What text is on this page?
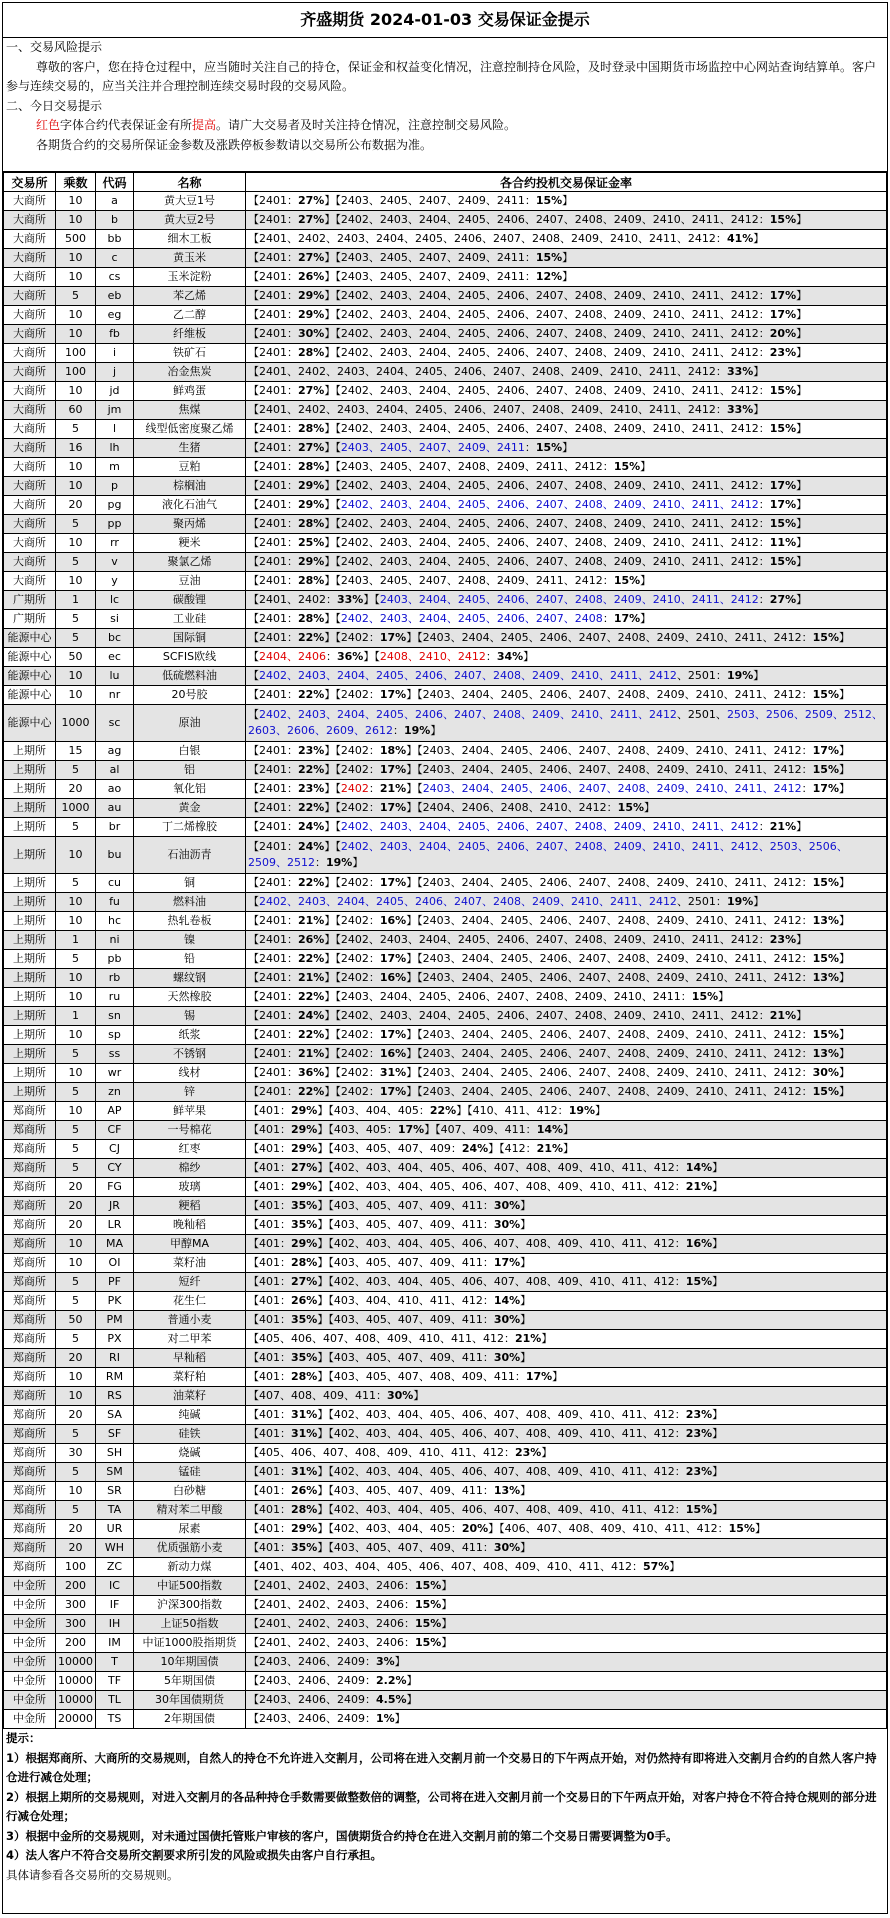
齐盛期货 2024-01-03 交易保证金提示
一、交易风险提示
尊敬的客户，您在持仓过程中，应当随时关注自己的持仓，保证金和权益变化情况，注意控制持仓风险，及时登录中国期货市场监控中心网站查询结算单。客户参与连续交易的，应当关注并合理控制连续交易时段的交易风险。
二、今日交易提示
红色字体合约代表保证金有所提高。请广大交易者及时关注持仓情况，注意控制交易风险。
各期货合约的交易所保证金参数及涨跌停板参数请以交易所公布数据为准。
交易所	乘数	代码	名称	各合约投机交易保证金率
大商所	10	a	黄大豆1号	【2401：27%】【2403、2405、2407、2409、2411：15%】
大商所	10	b	黄大豆2号	【2401：27%】【2402、2403、2404、2405、2406、2407、2408、2409、2410、2411、2412：15%】
大商所	500	bb	细木工板	【2401、2402、2403、2404、2405、2406、2407、2408、2409、2410、2411、2412：41%】
大商所	10	c	黄玉米	【2401：27%】【2403、2405、2407、2409、2411：15%】
大商所	10	cs	玉米淀粉	【2401：26%】【2403、2405、2407、2409、2411：12%】
大商所	5	eb	苯乙烯	【2401：29%】【2402、2403、2404、2405、2406、2407、2408、2409、2410、2411、2412：17%】
大商所	10	eg	乙二醇	【2401：29%】【2402、2403、2404、2405、2406、2407、2408、2409、2410、2411、2412：17%】
大商所	10	fb	纤维板	【2401：30%】【2402、2403、2404、2405、2406、2407、2408、2409、2410、2411、2412：20%】
大商所	100	i	铁矿石	【2401：28%】【2402、2403、2404、2405、2406、2407、2408、2409、2410、2411、2412：23%】
大商所	100	j	冶金焦炭	【2401、2402、2403、2404、2405、2406、2407、2408、2409、2410、2411、2412：33%】
大商所	10	jd	鲜鸡蛋	【2401：27%】【2402、2403、2404、2405、2406、2407、2408、2409、2410、2411、2412：15%】
大商所	60	jm	焦煤	【2401、2402、2403、2404、2405、2406、2407、2408、2409、2410、2411、2412：33%】
大商所	5	l	线型低密度聚乙烯	【2401：28%】【2402、2403、2404、2405、2406、2407、2408、2409、2410、2411、2412：15%】
大商所	16	lh	生猪	【2401：27%】【2403、2405、2407、2409、2411：15%】
大商所	10	m	豆粕	【2401：28%】【2403、2405、2407、2408、2409、2411、2412：15%】
大商所	10	p	棕榈油	【2401：29%】【2402、2403、2404、2405、2406、2407、2408、2409、2410、2411、2412：17%】
大商所	20	pg	液化石油气	【2401：29%】【2402、2403、2404、2405、2406、2407、2408、2409、2410、2411、2412：17%】
大商所	5	pp	聚丙烯	【2401：28%】【2402、2403、2404、2405、2406、2407、2408、2409、2410、2411、2412：15%】
大商所	10	rr	粳米	【2401：25%】【2402、2403、2404、2405、2406、2407、2408、2409、2410、2411、2412：11%】
大商所	5	v	聚氯乙烯	【2401：29%】【2402、2403、2404、2405、2406、2407、2408、2409、2410、2411、2412：15%】
大商所	10	y	豆油	【2401：28%】【2403、2405、2407、2408、2409、2411、2412：15%】
广期所	1	lc	碳酸锂	【2401、2402：33%】【2403、2404、2405、2406、2407、2408、2409、2410、2411、2412：27%】
广期所	5	si	工业硅	【2401：28%】【2402、2403、2404、2405、2406、2407、2408：17%】
能源中心	5	bc	国际铜	【2401：22%】【2402：17%】【2403、2404、2405、2406、2407、2408、2409、2410、2411、2412：15%】
能源中心	50	ec	SCFIS欧线	【2404、2406：36%】【2408、2410、2412：34%】
能源中心	10	lu	低硫燃料油	【2402、2403、2404、2405、2406、2407、2408、2409、2410、2411、2412、2501：19%】
能源中心	10	nr	20号胶	【2401：22%】【2402：17%】【2403、2404、2405、2406、2407、2408、2409、2410、2411、2412：15%】
能源中心	1000	sc	原油	【2402、2403、2404、2405、2406、2407、2408、2409、2410、2411、2412、2501、2503、2506、2509、2512、2603、2606、2609、2612：19%】
上期所	15	ag	白银	【2401：23%】【2402：18%】【2403、2404、2405、2406、2407、2408、2409、2410、2411、2412：17%】
上期所	5	al	铝	【2401：22%】【2402：17%】【2403、2404、2405、2406、2407、2408、2409、2410、2411、2412：15%】
上期所	20	ao	氧化铝	【2401：23%】【2402：21%】【2403、2404、2405、2406、2407、2408、2409、2410、2411、2412：17%】
上期所	1000	au	黄金	【2401：22%】【2402：17%】【2404、2406、2408、2410、2412：15%】
上期所	5	br	丁二烯橡胶	【2401：24%】【2402、2403、2404、2405、2406、2407、2408、2409、2410、2411、2412：21%】
上期所	10	bu	石油沥青	【2401：24%】【2402、2403、2404、2405、2406、2407、2408、2409、2410、2411、2412、2503、2506、2509、2512：19%】
上期所	5	cu	铜	【2401：22%】【2402：17%】【2403、2404、2405、2406、2407、2408、2409、2410、2411、2412：15%】
上期所	10	fu	燃料油	【2402、2403、2404、2405、2406、2407、2408、2409、2410、2411、2412、2501：19%】
上期所	10	hc	热轧卷板	【2401：21%】【2402：16%】【2403、2404、2405、2406、2407、2408、2409、2410、2411、2412：13%】
上期所	1	ni	镍	【2401：26%】【2402、2403、2404、2405、2406、2407、2408、2409、2410、2411、2412：23%】
上期所	5	pb	铅	【2401：22%】【2402：17%】【2403、2404、2405、2406、2407、2408、2409、2410、2411、2412：15%】
上期所	10	rb	螺纹钢	【2401：21%】【2402：16%】【2403、2404、2405、2406、2407、2408、2409、2410、2411、2412：13%】
上期所	10	ru	天然橡胶	【2401：22%】【2403、2404、2405、2406、2407、2408、2409、2410、2411：15%】
上期所	1	sn	锡	【2401：24%】【2402、2403、2404、2405、2406、2407、2408、2409、2410、2411、2412：21%】
上期所	10	sp	纸浆	【2401：22%】【2402：17%】【2403、2404、2405、2406、2407、2408、2409、2410、2411、2412：15%】
上期所	5	ss	不锈钢	【2401：21%】【2402：16%】【2403、2404、2405、2406、2407、2408、2409、2410、2411、2412：13%】
上期所	10	wr	线材	【2401：36%】【2402：31%】【2403、2404、2405、2406、2407、2408、2409、2410、2411、2412：30%】
上期所	5	zn	锌	【2401：22%】【2402：17%】【2403、2404、2405、2406、2407、2408、2409、2410、2411、2412：15%】
郑商所	10	AP	鲜苹果	【401：29%】【403、404、405：22%】【410、411、412：19%】
郑商所	5	CF	一号棉花	【401：29%】【403、405：17%】【407、409、411：14%】
郑商所	5	CJ	红枣	【401：29%】【403、405、407、409：24%】【412：21%】
郑商所	5	CY	棉纱	【401：27%】【402、403、404、405、406、407、408、409、410、411、412：14%】
郑商所	20	FG	玻璃	【401：29%】【402、403、404、405、406、407、408、409、410、411、412：21%】
郑商所	20	JR	粳稻	【401：35%】【403、405、407、409、411：30%】
郑商所	20	LR	晚籼稻	【401：35%】【403、405、407、409、411：30%】
郑商所	10	MA	甲醇MA	【401：29%】【402、403、404、405、406、407、408、409、410、411、412：16%】
郑商所	10	OI	菜籽油	【401：28%】【403、405、407、409、411：17%】
郑商所	5	PF	短纤	【401：27%】【402、403、404、405、406、407、408、409、410、411、412：15%】
郑商所	5	PK	花生仁	【401：26%】【403、404、410、411、412：14%】
郑商所	50	PM	普通小麦	【401：35%】【403、405、407、409、411：30%】
郑商所	5	PX	对二甲苯	【405、406、407、408、409、410、411、412：21%】
郑商所	20	RI	早籼稻	【401：35%】【403、405、407、409、411：30%】
郑商所	10	RM	菜籽粕	【401：28%】【403、405、407、408、409、411：17%】
郑商所	10	RS	油菜籽	【407、408、409、411：30%】
郑商所	20	SA	纯碱	【401：31%】【402、403、404、405、406、407、408、409、410、411、412：23%】
郑商所	5	SF	硅铁	【401：31%】【402、403、404、405、406、407、408、409、410、411、412：23%】
郑商所	30	SH	烧碱	【405、406、407、408、409、410、411、412：23%】
郑商所	5	SM	锰硅	【401：31%】【402、403、404、405、406、407、408、409、410、411、412：23%】
郑商所	10	SR	白砂糖	【401：26%】【403、405、407、409、411：13%】
郑商所	5	TA	精对苯二甲酸	【401：28%】【402、403、404、405、406、407、408、409、410、411、412：15%】
郑商所	20	UR	尿素	【401：29%】【402、403、404、405：20%】【406、407、408、409、410、411、412：15%】
郑商所	20	WH	优质强筋小麦	【401：35%】【403、405、407、409、411：30%】
郑商所	100	ZC	新动力煤	【401、402、403、404、405、406、407、408、409、410、411、412：57%】
中金所	200	IC	中证500指数	【2401、2402、2403、2406：15%】
中金所	300	IF	沪深300指数	【2401、2402、2403、2406：15%】
中金所	300	IH	上证50指数	【2401、2402、2403、2406：15%】
中金所	200	IM	中证1000股指期货	【2401、2402、2403、2406：15%】
中金所	10000	T	10年期国债	【2403、2406、2409：3%】
中金所	10000	TF	5年期国债	【2403、2406、2409：2.2%】
中金所	10000	TL	30年国债期货	【2403、2406、2409：4.5%】
中金所	20000	TS	2年期国债	【2403、2406、2409：1%】
提示：
1）根据郑商所、大商所的交易规则，自然人的持仓不允许进入交割月，公司将在进入交割月前一个交易日的下午两点开始，对仍然持有即将进入交割月合约的自然人客户持仓进行减仓处理；
2）根据上期所的交易规则，对进入交割月的各品种持仓手数需要做整数倍的调整，公司将在进入交割月前一个交易日的下午两点开始，对客户持仓不符合持仓规则的部分进行减仓处理；
3）根据中金所的交易规则，对未通过国债托管账户审核的客户，国债期货合约持仓在进入交割月前的第二个交易日需要调整为0手。
4）法人客户不符合交易所交割要求所引发的风险或损失由客户自行承担。
具体请参看各交易所的交易规则。
